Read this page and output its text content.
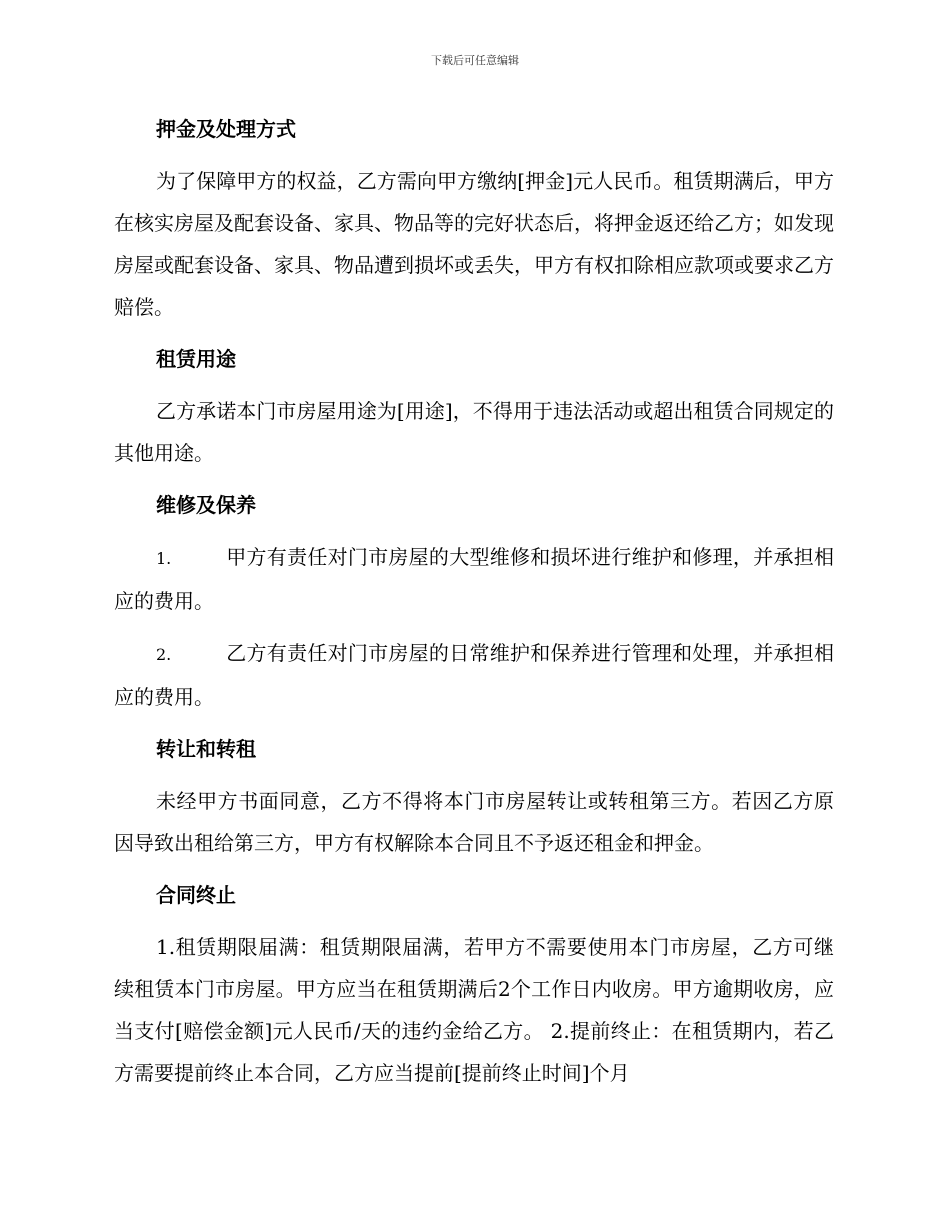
下载后可任意编辑
押金及处理方式

为了保障甲方的权益，乙方需向甲方缴纳[押金]元人民币。租赁期满后，甲方在核实房屋及配套设备、家具、物品等的完好状态后，将押金返还给乙方；如发现房屋或配套设备、家具、物品遭到损坏或丢失，甲方有权扣除相应款项或要求乙方赔偿。

租赁用途

乙方承诺本门市房屋用途为[用途]，不得用于违法活动或超出租赁合同规定的其他用途。

维修及保养
1.	甲方有责任对门市房屋的大型维修和损坏进行维护和修理，并承担相应的费用。
2.	乙方有责任对门市房屋的日常维护和保养进行管理和处理，并承担相应的费用。
转让和转租

未经甲方书面同意，乙方不得将本门市房屋转让或转租第三方。若因乙方原因导致出租给第三方，甲方有权解除本合同且不予返还租金和押金。

合同终止

1.租赁期限届满：租赁期限届满，若甲方不需要使用本门市房屋，乙方可继续租赁本门市房屋。甲方应当在租赁期满后2个工作日内收房。甲方逾期收房，应当支付[赔偿金额]元人民币/天的违约金给乙方。 2.提前终止：在租赁期内，若乙方需要提前终止本合同，乙方应当提前[提前终止时间]个月
